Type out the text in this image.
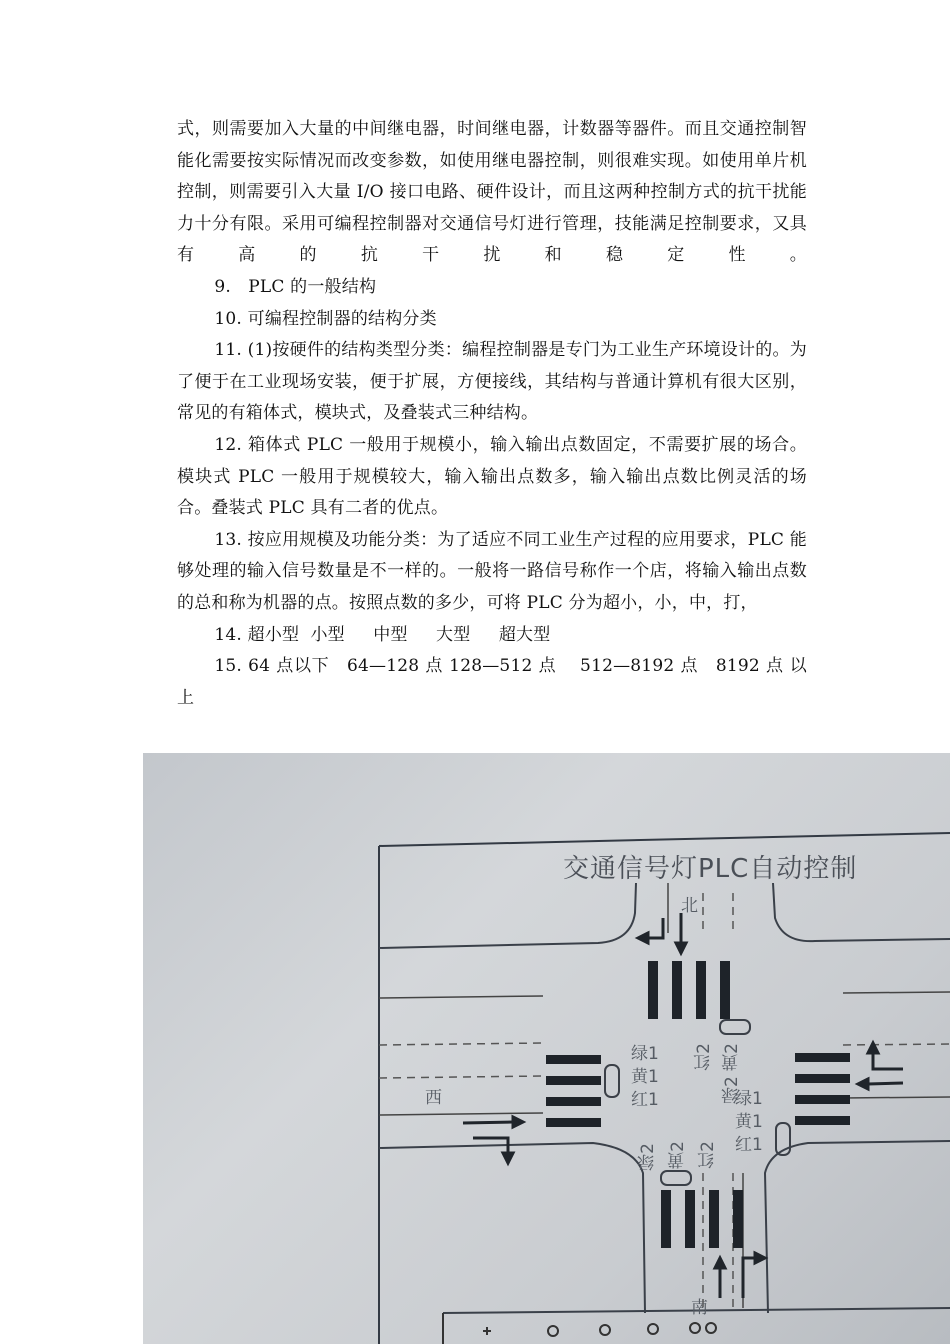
式，则需要加入大量的中间继电器，时间继电器，计数器等器件。而且交通控制智能化需要按实际情况而改变参数，如使用继电器控制，则很难实现。如使用单片机控制，则需要引入大量 I/O 接口电路、硬件设计，而且这两种控制方式的抗干扰能力十分有限。采用可编程控制器对交通信号灯进行管理，技能满足控制要求，又具有高的抗干扰和稳定性。

9.　PLC 的一般结构

10. 可编程控制器的结构分类

11. (1)按硬件的结构类型分类：编程控制器是专门为工业生产环境设计的。为了便于在工业现场安装，便于扩展，方便接线，其结构与普通计算机有很大区别，常见的有箱体式，模块式，及叠装式三种结构。

12. 箱体式 PLC 一般用于规模小，输入输出点数固定，不需要扩展的场合。模块式 PLC 一般用于规模较大，输入输出点数多，输入输出点数比例灵活的场合。叠装式 PLC 具有二者的优点。

13. 按应用规模及功能分类：为了适应不同工业生产过程的应用要求，PLC 能够处理的输入信号数量是不一样的。一般将一路信号称作一个店，将输入输出点数的总和称为机器的点。按照点数的多少，可将 PLC 分为超小，小，中，打，

14. 超小型  小型　  中型　  大型　  超大型

15. 64 点以下　64—128 点 128—512 点　 512—8192 点　8192 点 以上

交通信号灯PLC自动控制
北
南
西
绿1
黄1
红1
红2 绿2 黄2
绿1
黄1
红1
绿2 黄2 红2
